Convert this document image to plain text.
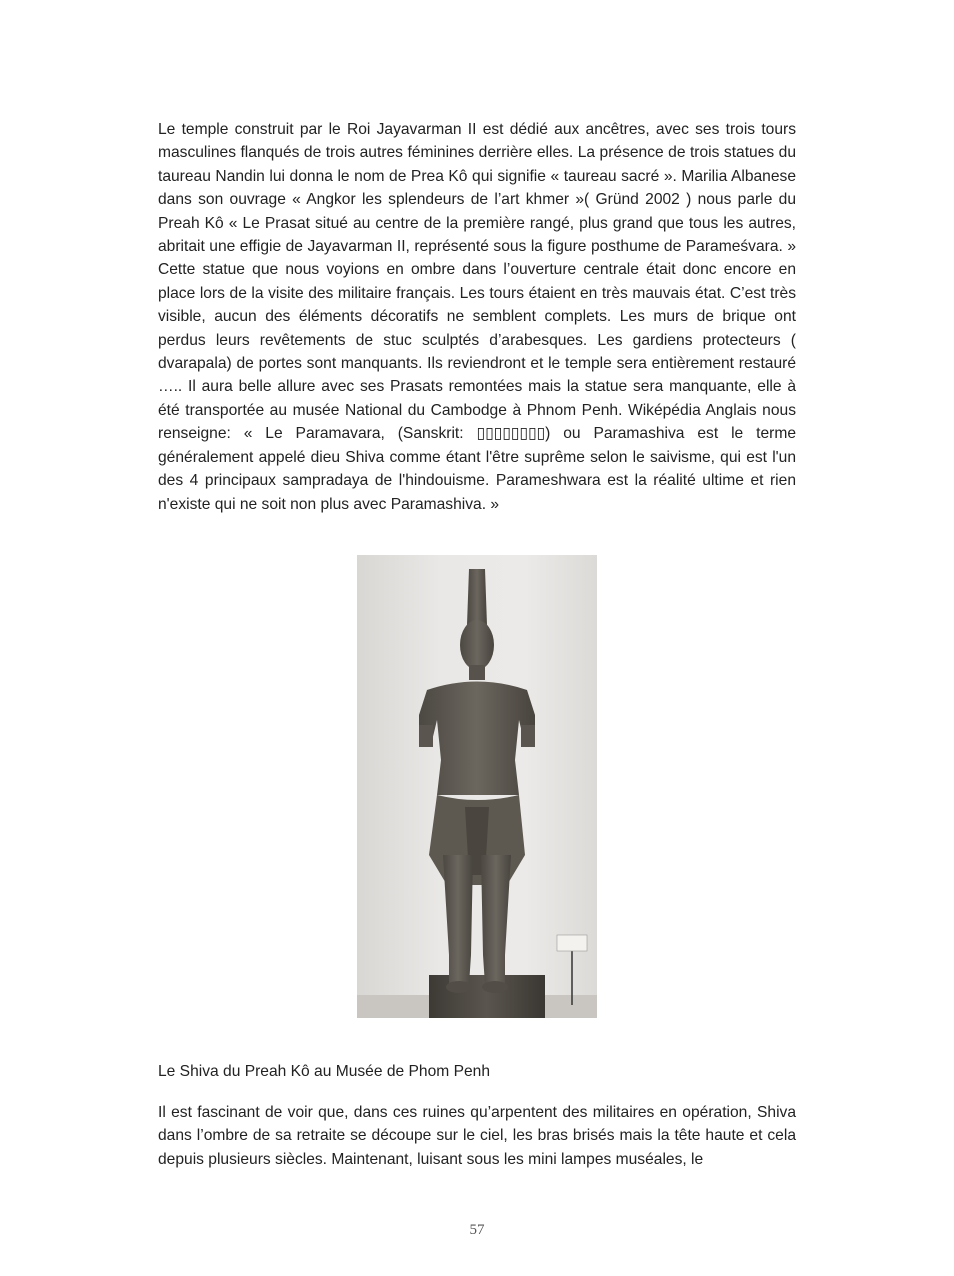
Le temple construit par le Roi Jayavarman II est dédié aux ancêtres, avec ses trois tours masculines flanqués de trois autres féminines derrière elles. La présence de trois statues du taureau Nandin lui donna le nom de Prea Kô qui signifie « taureau sacré ». Marilia Albanese dans son ouvrage « Angkor les splendeurs de l’art khmer »( Gründ 2002 ) nous parle du Preah Kô « Le Prasat situé au centre de la première rangé, plus grand que tous les autres, abritait une effigie de Jayavarman II, représenté sous la figure posthume de Parameśvara. » Cette statue que nous voyions en ombre dans l’ouverture centrale était donc encore en place lors de la visite des militaire français. Les tours étaient en très mauvais état. C’est très visible, aucun des éléments décoratifs ne semblent complets. Les murs de brique ont perdus leurs revêtements de stuc sculptés d’arabesques. Les gardiens protecteurs ( dvarapala) de portes sont manquants. Ils reviendront et le temple sera entièrement restauré ….. Il aura belle allure avec ses Prasats remontées mais la statue sera manquante, elle à été transportée au musée National du Cambodge à Phnom Penh. Wiképédia Anglais nous renseigne: « Le Paramavara, (Sanskrit: ▯▯▯▯▯▯▯▯) ou Paramashiva est le terme généralement appelé dieu Shiva comme étant l'être suprême selon le saivisme, qui est l'un des 4 principaux sampradaya de l'hindouisme. Parameshwara est la réalité ultime et rien n'existe qui ne soit non plus avec Paramashiva. »

Le Shiva du Preah Kô au Musée de Phom Penh

Il est fascinant de voir que, dans ces ruines qu’arpentent des militaires en opération, Shiva dans l’ombre de sa retraite se découpe sur le ciel, les bras brisés mais la tête haute et cela depuis plusieurs siècles. Maintenant, luisant sous les mini lampes muséales, le

57
